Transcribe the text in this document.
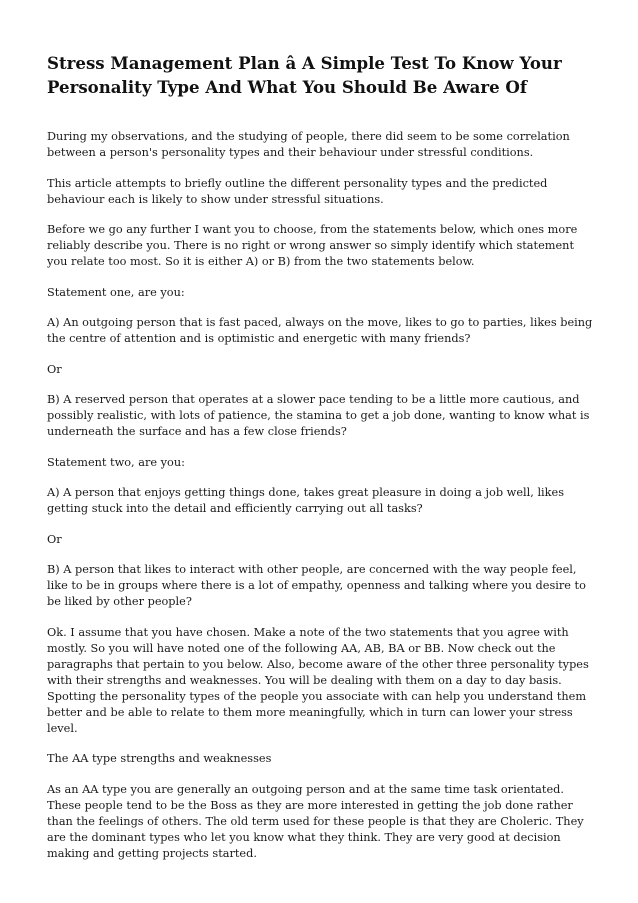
Stress Management Plan â A Simple Test To Know Your Personality Type And What You Should Be Aware Of

During my observations, and the studying of people, there did seem to be some correlation between a person's personality types and their behaviour under stressful conditions.

This article attempts to briefly outline the different personality types and the predicted behaviour each is likely to show under stressful situations.

Before we go any further I want you to choose, from the statements below, which ones more reliably describe you. There is no right or wrong answer so simply identify which statement you relate too most. So it is either A) or B) from the two statements below.

Statement one, are you:

A) An outgoing person that is fast paced, always on the move, likes to go to parties, likes being the centre of attention and is optimistic and energetic with many friends?

Or

B) A reserved person that operates at a slower pace tending to be a little more cautious, and possibly realistic, with lots of patience, the stamina to get a job done, wanting to know what is underneath the surface and has a few close friends?

Statement two, are you:

A) A person that enjoys getting things done, takes great pleasure in doing a job well, likes getting stuck into the detail and efficiently carrying out all tasks?

Or

B) A person that likes to interact with other people, are concerned with the way people feel, like to be in groups where there is a lot of empathy, openness and talking where you desire to be liked by other people?

Ok. I assume that you have chosen. Make a note of the two statements that you agree with mostly. So you will have noted one of the following AA, AB, BA or BB. Now check out the paragraphs that pertain to you below. Also, become aware of the other three personality types with their strengths and weaknesses. You will be dealing with them on a day to day basis. Spotting the personality types of the people you associate with can help you understand them better and be able to relate to them more meaningfully, which in turn can lower your stress level.

The AA type strengths and weaknesses

As an AA type you are generally an outgoing person and at the same time task orientated. These people tend to be the Boss as they are more interested in getting the job done rather than the feelings of others. The old term used for these people is that they are Choleric. They are the dominant types who let you know what they think. They are very good at decision making and getting projects started.
